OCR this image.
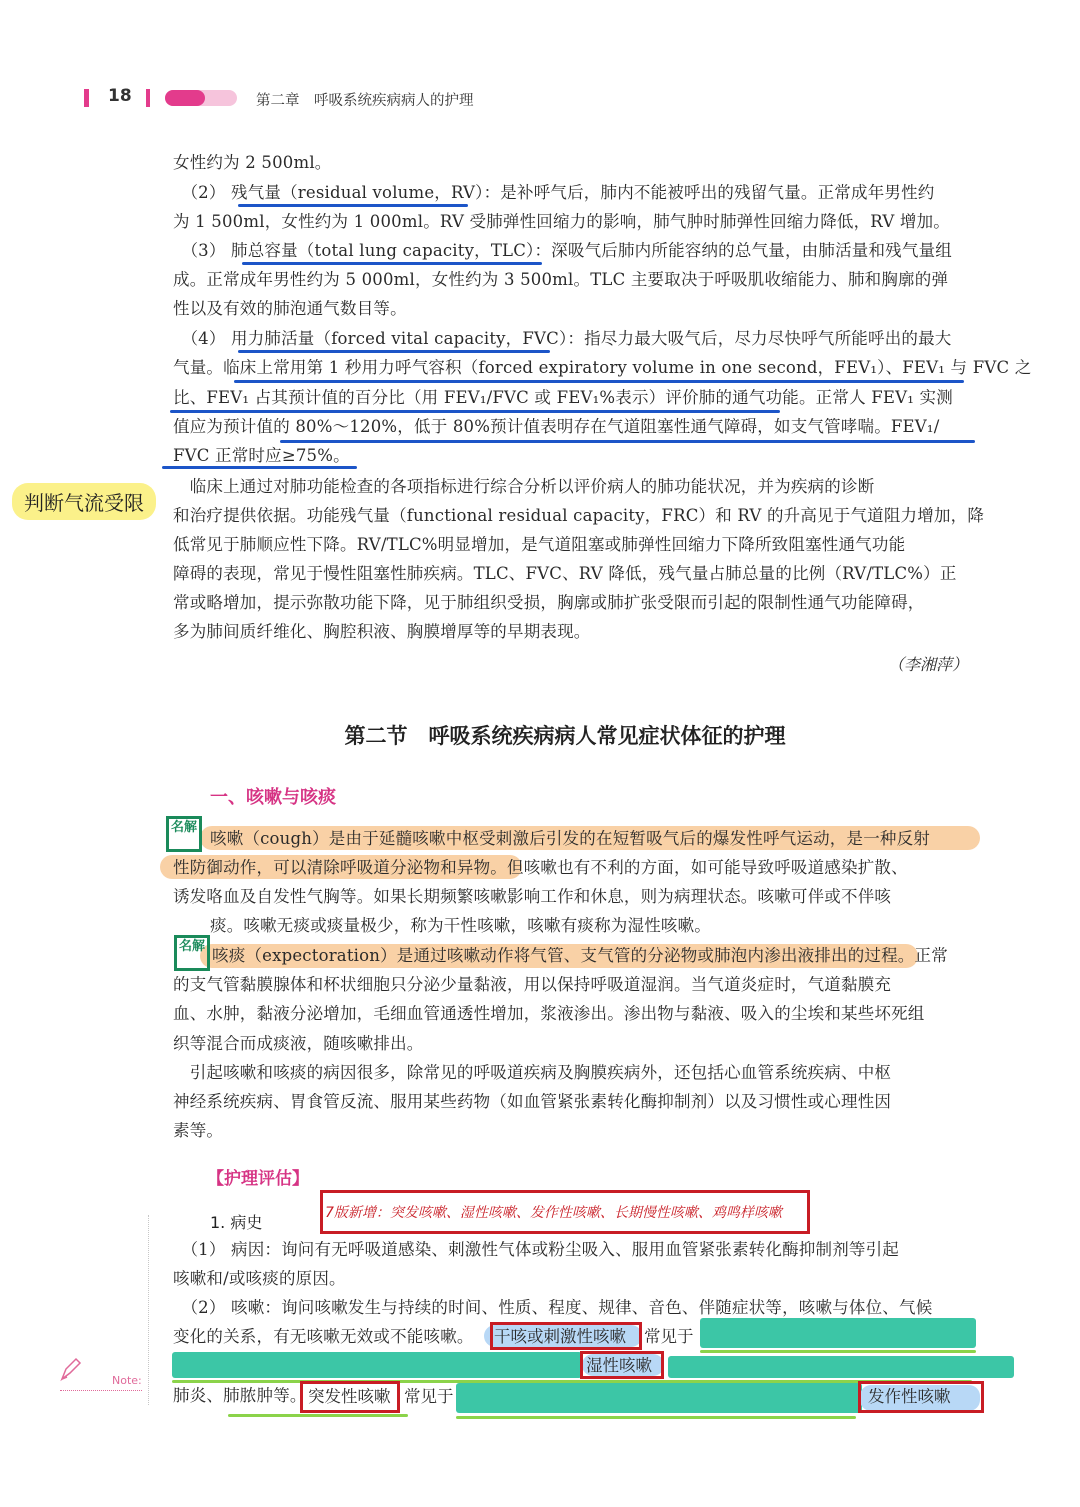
18	第二章　呼吸系统疾病病人的护理
判断气流受限
女性约为 2 500ml。
　（2） 残气量（residual volume，RV）：是补呼气后，肺内不能被呼出的残留气量。正常成年男性约
为 1 500ml，女性约为 1 000ml。RV 受肺弹性回缩力的影响，肺气肿时肺弹性回缩力降低，RV 增加。
　（3） 肺总容量（total lung capacity，TLC）：深吸气后肺内所能容纳的总气量，由肺活量和残气量组
成。正常成年男性约为 5 000ml，女性约为 3 500ml。TLC 主要取决于呼吸肌收缩能力、肺和胸廓的弹
性以及有效的肺泡通气数目等。
　（4） 用力肺活量（forced vital capacity，FVC）：指尽力最大吸气后，尽力尽快呼气所能呼出的最大
气量。临床上常用第 1 秒用力呼气容积（forced expiratory volume in one second，FEV₁）、FEV₁ 与 FVC 之
比、FEV₁ 占其预计值的百分比（用 FEV₁/FVC 或 FEV₁%表示）评价肺的通气功能。正常人 FEV₁ 实测
值应为预计值的 80%～120%，低于 80%预计值表明存在气道阻塞性通气障碍，如支气管哮喘。FEV₁/
FVC 正常时应≥75%。
　临床上通过对肺功能检查的各项指标进行综合分析以评价病人的肺功能状况，并为疾病的诊断
和治疗提供依据。功能残气量（functional residual capacity，FRC）和 RV 的升高见于气道阻力增加，降
低常见于肺顺应性下降。RV/TLC%明显增加，是气道阻塞或肺弹性回缩力下降所致阻塞性通气功能
障碍的表现，常见于慢性阻塞性肺疾病。TLC、FVC、RV 降低，残气量占肺总量的比例（RV/TLC%）正
常或略增加，提示弥散功能下降，见于肺组织受损，胸廓或肺扩张受限而引起的限制性通气功能障碍，
多为肺间质纤维化、胸腔积液、胸膜增厚等的早期表现。
（李湘萍）
第二节　呼吸系统疾病病人常见症状体征的护理
一、咳嗽与咳痰
名解
名解
咳嗽（cough）是由于延髓咳嗽中枢受刺激后引发的在短暂吸气后的爆发性呼气运动，是一种反射
性防御动作，可以清除呼吸道分泌物和异物。但咳嗽也有不利的方面，如可能导致呼吸道感染扩散、
诱发咯血及自发性气胸等。如果长期频繁咳嗽影响工作和休息，则为病理状态。咳嗽可伴或不伴咳
痰。咳嗽无痰或痰量极少，称为干性咳嗽，咳嗽有痰称为湿性咳嗽。
咳痰（expectoration）是通过咳嗽动作将气管、支气管的分泌物或肺泡内渗出液排出的过程。正常
的支气管黏膜腺体和杯状细胞只分泌少量黏液，用以保持呼吸道湿润。当气道炎症时，气道黏膜充
血、水肿，黏液分泌增加，毛细血管通透性增加，浆液渗出。渗出物与黏液、吸入的尘埃和某些坏死组
织等混合而成痰液，随咳嗽排出。
　引起咳嗽和咳痰的病因很多，除常见的呼吸道疾病及胸膜疾病外，还包括心血管系统疾病、中枢
神经系统疾病、胃食管反流、服用某些药物（如血管紧张素转化酶抑制剂）以及习惯性或心理性因
素等。
【护理评估】
1. 病史	7版新增：突发咳嗽、湿性咳嗽、发作性咳嗽、长期慢性咳嗽、鸡鸣样咳嗽
　（1） 病因：询问有无呼吸道感染、刺激性气体或粉尘吸入、服用血管紧张素转化酶抑制剂等引起
咳嗽和/或咳痰的原因。
　（2） 咳嗽：询问咳嗽发生与持续的时间、性质、程度、规律、音色、伴随症状等，咳嗽与体位、气候
变化的关系，有无咳嗽无效或不能咳嗽。 干咳或刺激性咳嗽 常见于
湿性咳嗽
肺炎、肺脓肿等。 突发性咳嗽 常见于	发作性咳嗽
Note:
